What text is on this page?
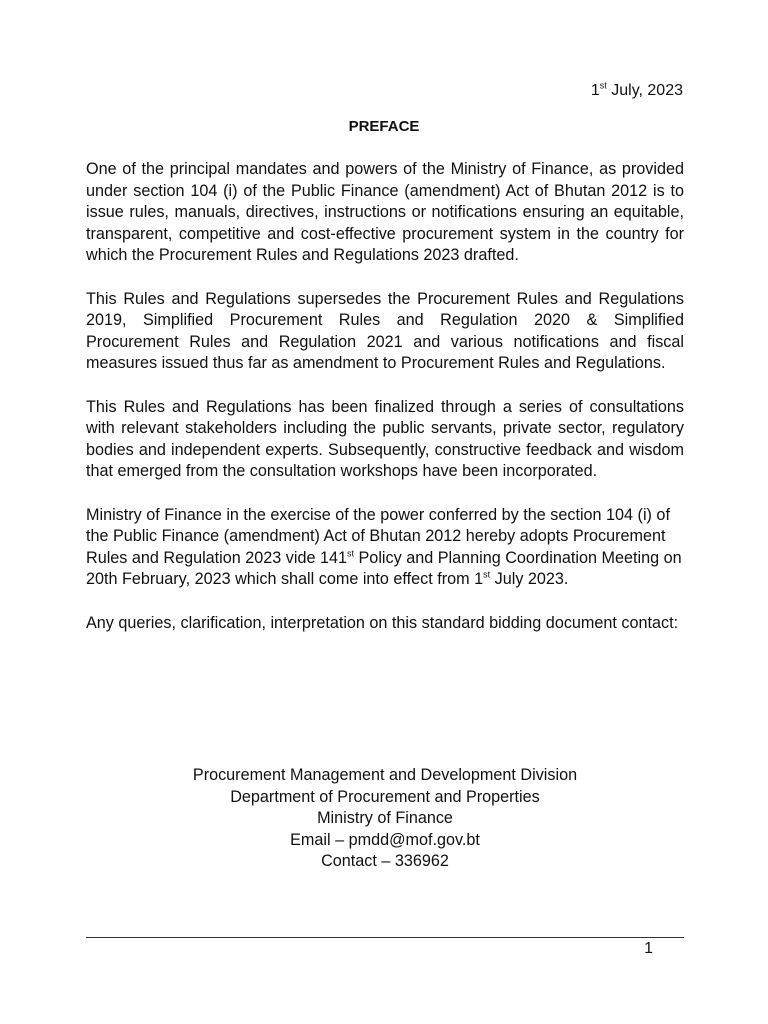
1st July, 2023
PREFACE

One of the principal mandates and powers of the Ministry of Finance, as provided under section 104 (i) of the Public Finance (amendment) Act of Bhutan 2012 is to issue rules, manuals, directives, instructions or notifications ensuring an equitable, transparent, competitive and cost-effective procurement system in the country for which the Procurement Rules and Regulations 2023 drafted.

This Rules and Regulations supersedes the Procurement Rules and Regulations 2019, Simplified Procurement Rules and Regulation 2020 & Simplified Procurement Rules and Regulation 2021 and various notifications and fiscal measures issued thus far as amendment to Procurement Rules and Regulations.

This Rules and Regulations has been finalized through a series of consultations with relevant stakeholders including the public servants, private sector, regulatory bodies and independent experts. Subsequently, constructive feedback and wisdom that emerged from the consultation workshops have been incorporated.

Ministry of Finance in the exercise of the power conferred by the section 104 (i) of the Public Finance (amendment) Act of Bhutan 2012 hereby adopts Procurement Rules and Regulation 2023 vide 141st Policy and Planning Coordination Meeting on 20th February, 2023 which shall come into effect from 1st July 2023.

Any queries, clarification, interpretation on this standard bidding document contact:

Procurement Management and Development Division
Department of Procurement and Properties
Ministry of Finance
Email – pmdd@mof.gov.bt
Contact – 336962
1
